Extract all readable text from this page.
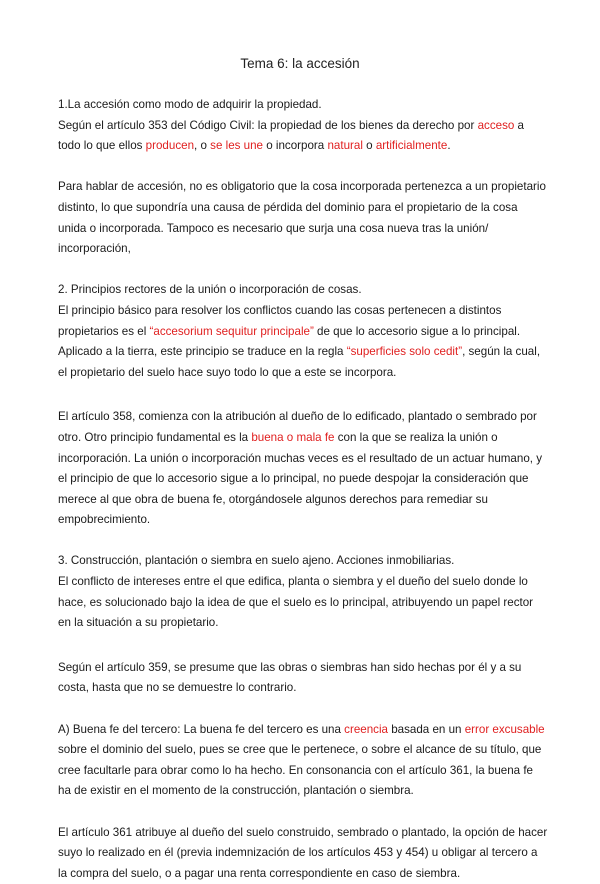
Tema 6: la accesión

1.La accesión como modo de adquirir la propiedad.

Según el artículo 353 del Código Civil: la propiedad de los bienes da derecho por acceso a todo lo que ellos producen, o se les une o incorpora natural o artificialmente.

Para hablar de accesión, no es obligatorio que la cosa incorporada pertenezca a un propietario distinto, lo que supondría una causa de pérdida del dominio para el propietario de la cosa unida o incorporada. Tampoco es necesario que surja una cosa nueva tras la unión/ incorporación,

2. Principios rectores de la unión o incorporación de cosas.

El principio básico para resolver los conflictos cuando las cosas pertenecen a distintos propietarios es el “accesorium sequitur principale” de que lo accesorio sigue a lo principal. Aplicado a la tierra, este principio se traduce en la regla “superficies solo cedit”, según la cual, el propietario del suelo hace suyo todo lo que a este se incorpora.

El artículo 358, comienza con la atribución al dueño de lo edificado, plantado o sembrado por otro. Otro principio fundamental es la buena o mala fe con la que se realiza la unión o incorporación. La unión o incorporación muchas veces es el resultado de un actuar humano, y el principio de que lo accesorio sigue a lo principal, no puede despojar la consideración que merece al que obra de buena fe, otorgándosele algunos derechos para remediar su empobrecimiento.

3. Construcción, plantación o siembra en suelo ajeno. Acciones inmobiliarias.

El conflicto de intereses entre el que edifica, planta o siembra y el dueño del suelo donde lo hace, es solucionado bajo la idea de que el suelo es lo principal, atribuyendo un papel rector en la situación a su propietario.

Según el artículo 359, se presume que las obras o siembras han sido hechas por él y a su costa, hasta que no se demuestre lo contrario.

A) Buena fe del tercero: La buena fe del tercero es una creencia basada en un error excusable sobre el dominio del suelo, pues se cree que le pertenece, o sobre el alcance de su título, que cree facultarle para obrar como lo ha hecho. En consonancia con el artículo 361, la buena fe ha de existir en el momento de la construcción, plantación o siembra.

El artículo 361 atribuye al dueño del suelo construido, sembrado o plantado, la opción de hacer suyo lo realizado en él (previa indemnización de los artículos 453 y 454) u obligar al tercero a la compra del suelo, o a pagar una renta correspondiente en caso de siembra.
